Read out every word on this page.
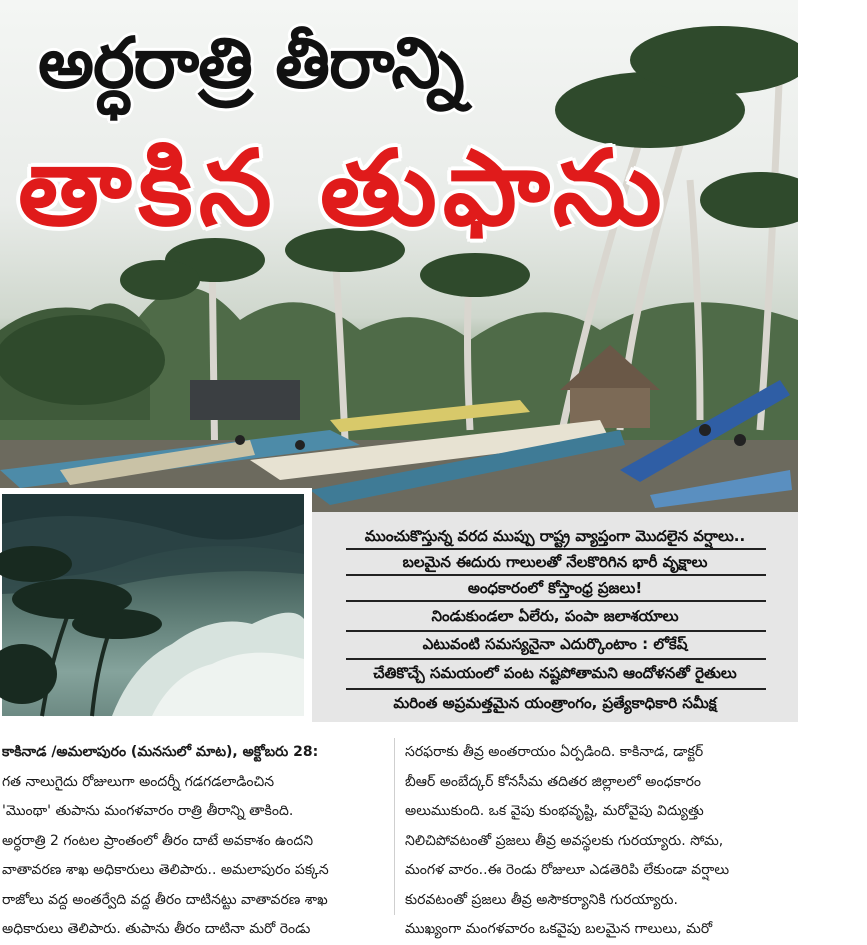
అర్ధరాత్రి తీరాన్ని
తాకిన తుఫాను
ముంచుకొస్తున్న వరద ముప్పు రాష్ట్ర వ్యాప్తంగా మొదలైన వర్షాలు..
బలమైన ఈదురు గాలులతో నేలకొరిగిన భారీ వృక్షాలు
అంధకారంలో కోస్తాంధ్ర ప్రజలు!
నిండుకుండలా ఏలేరు, పంపా జలాశయాలు
ఎటువంటి సమస్యనైనా ఎదుర్కొంటాం : లోకేష్
చేతికొచ్చే సమయంలో పంట నష్టపోతామని ఆందోళనతో రైతులు
మరింత అప్రమత్తమైన యంత్రాంగం, ప్రత్యేకాధికారి సమీక్ష

కాకినాడ /అమలాపురం (మనసులో మాట), అక్టోబరు 28:

గత నాలుగైదు రోజులుగా అందర్నీ గడగడలాడించిన

'మొంథా' తుపాను మంగళవారం రాత్రి తీరాన్ని తాకింది.

అర్ధరాత్రి 2 గంటల ప్రాంతంలో తీరం దాటే అవకాశం ఉందని

వాతావరణ శాఖ అధికారులు తెలిపారు.. అమలాపురం పక్కన

రాజోలు వద్ద అంతర్వేది వద్ద తీరం దాటినట్టు వాతావరణ శాఖ

అధికారులు తెలిపారు. తుపాను తీరం దాటినా మరో రెండు

సరఫరాకు తీవ్ర అంతరాయం ఏర్పడింది. కాకినాడ, డాక్టర్

బీఆర్ అంబేద్కర్ కోనసీమ తదితర జిల్లాలలో అంధకారం

అలుముకుంది. ఒక వైపు కుంభవృష్టి, మరోవైపు విద్యుత్తు

నిలిచిపోవటంతో ప్రజలు తీవ్ర అవస్థలకు గురయ్యారు. సోమ,

మంగళ వారం..ఈ రెండు రోజులూ ఎడతెరిపి లేకుండా వర్షాలు

కురవటంతో ప్రజలు తీవ్ర అసౌకర్యానికి గురయ్యారు.

ముఖ్యంగా మంగళవారం ఒకవైపు బలమైన గాలులు, మరో
